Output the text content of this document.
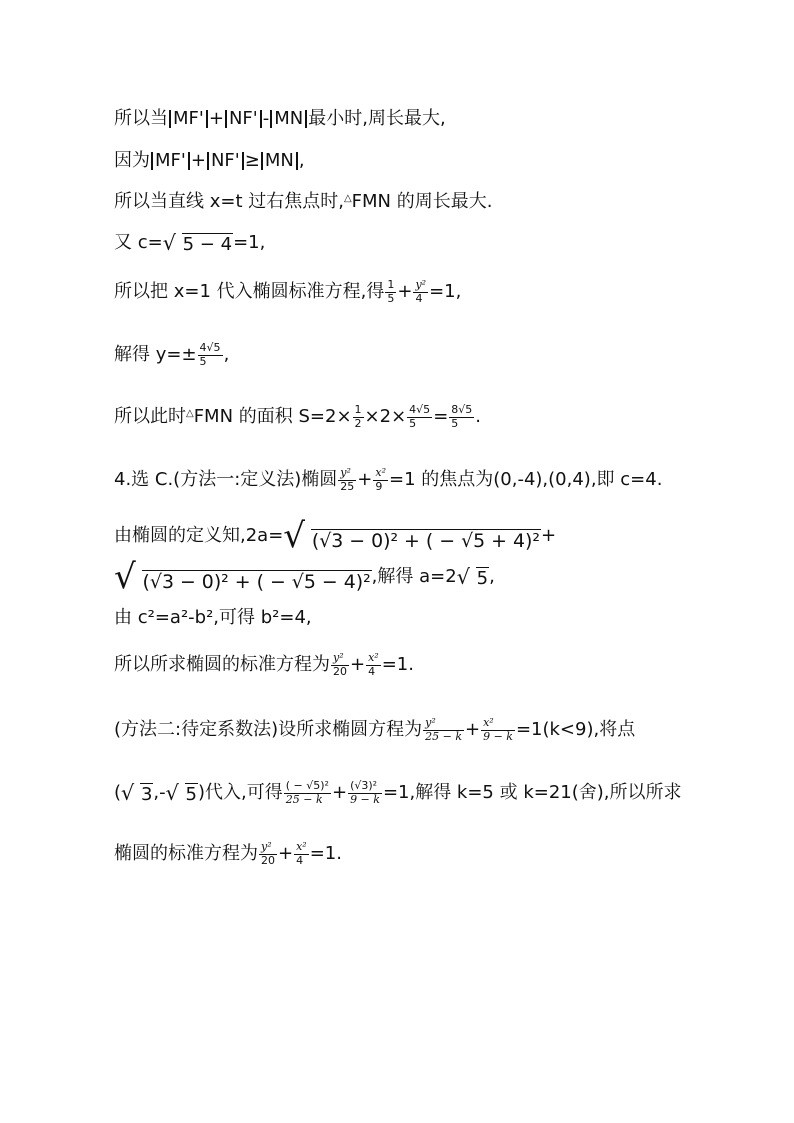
所以当 MF' + NF' - MN 最小时,周长最大,
因为 MF' + NF' ≥ MN ,
所以当直线 x=t 过右焦点时, △ FMN 的周长最大.
又 c= √ 5 − 4 =1,
所以把 x=1 代入椭圆标准方程,得 $\frac{1}{5} + \frac{\text{y²}}{4} =1$,
解得 $y=\pm \frac{4√5}{5}$ ,
所以此时 △ FMN 的面积 $S=2\times \frac{1}{2} \times 2\times \frac{4√5}{5} = \frac{8√5}{5}$ .
4.选 C.(方法一:定义法)椭圆 $\frac{\text{y²}}{25} + \frac{\text{x²}}{9} =1$ 的焦点为(0,-4),(0,4),即 c=4.
由椭圆的定义知,2a= √ (√3 − 0)² + ( − √5 + 4)² +
√ (√3 − 0)² + ( − √5 − 4)² ,解得 a=2 √ 5 ,
由 c²=a²-b²,可得 b²=4,
所以所求椭圆的标准方程为 $\frac{\text{y²}}{20} + \frac{\text{x²}}{4} =1$.
(方法二:待定系数法)设所求椭圆方程为 $\frac{\text{y²}}{25 - k} + \frac{\text{x²}}{9 - k} =1(k<9)$,将点
( √ 3 ,- √ 5 )代入,可得 $\frac{\text{( − √5)²}}{25 - k} + \frac{\text{(√3)²}}{9 - k} =1$,解得 k=5 或 k=21(舍),所以所求
椭圆的标准方程为 $\frac{\text{y²}}{20} + \frac{\text{x²}}{4} =1$.
